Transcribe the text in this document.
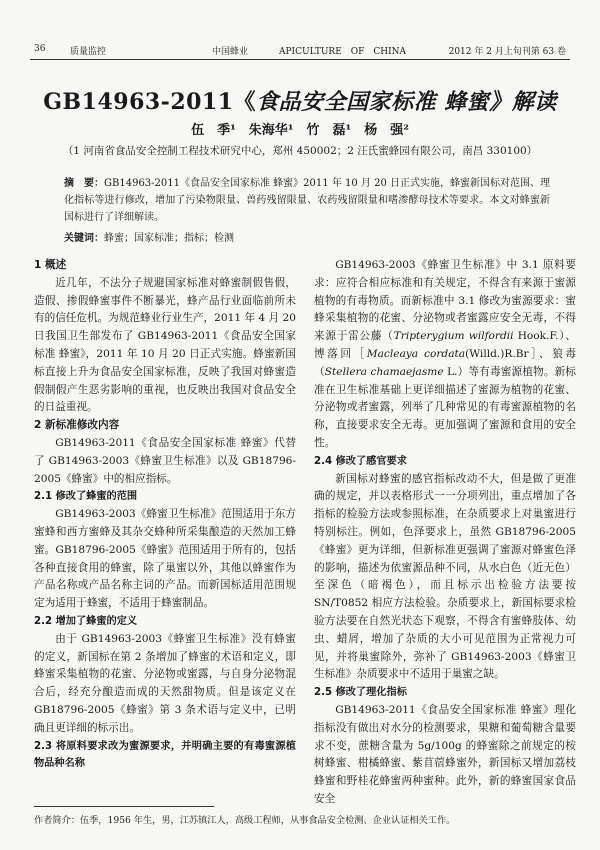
36	质量监控	中国蜂业	APICULTURE　OF　CHINA	2012 年 2 月上旬刊第 63 卷
GB14963-2011《食品安全国家标准 蜂蜜》解读
伍　季¹　朱海华¹　竹　磊¹　杨　强²
（1 河南省食品安全控制工程技术研究中心，郑州 450002；2 汪氏蜜蜂园有限公司，南昌 330100）
摘　要：GB14963-2011《食品安全国家标准 蜂蜜》2011 年 10 月 20 日正式实施，蜂蜜新国标对范围、理化指标等进行修改，增加了污染物限量、兽药残留限量、农药残留限量和嗜渗酵母技术等要求。本文对蜂蜜新国标进行了详细解读。
关键词：蜂蜜；国家标准；指标；检测
1 概述

近几年，不法分子规避国家标准对蜂蜜制假售假，造假、掺假蜂蜜事件不断暴光，蜂产品行业面临前所未有的信任危机。为规范蜂业行业生产，2011 年 4 月 20 日我国卫生部发布了 GB14963-2011《食品安全国家标准 蜂蜜》，2011 年 10 月 20 日正式实施。蜂蜜新国标直接上升为食品安全国家标准，反映了我国对蜂蜜造假制假产生恶劣影响的重视，也反映出我国对食品安全的日益重视。

2 新标准修改内容

GB14963-2011《食品安全国家标准 蜂蜜》代替了 GB14963-2003《蜂蜜卫生标准》以及 GB18796-2005《蜂蜜》中的相应指标。

2.1 修改了蜂蜜的范围

GB14963-2003《蜂蜜卫生标准》范围适用于东方蜜蜂和西方蜜蜂及其杂交蜂种所采集酿造的天然加工蜂蜜。GB18796-2005《蜂蜜》范围适用于所有的，包括各种直接食用的蜂蜜，除了巢蜜以外，其他以蜂蜜作为产品名称或产品名称主词的产品。而新国标适用范围规定为适用于蜂蜜，不适用于蜂蜜制品。

2.2 增加了蜂蜜的定义

由于 GB14963-2003《蜂蜜卫生标准》没有蜂蜜的定义，新国标在第 2 条增加了蜂蜜的术语和定义，即蜂蜜采集植物的花蜜、分泌物或蜜露，与自身分泌物混合后，经充分酿造而成的天然甜物质。但是该定义在 GB18796-2005《蜂蜜》第 3 条术语与定义中，已明确且更详细的标示出。

2.3 将原料要求改为蜜源要求，并明确主要的有毒蜜源植物品种名称

GB14963-2003《蜂蜜卫生标准》中 3.1 原料要求：应符合相应标准和有关规定，不得含有来源于蜜源植物的有毒物质。而新标准中 3.1 修改为蜜源要求：蜜蜂采集植物的花蜜、分泌物或者蜜露应安全无毒，不得来源于雷公藤（Tripterygium wilfordii Hook.F.）、博落回［Macleaya cordata(Willd.)R.Br］、狼毒（Stellera chamaejasme L.）等有毒蜜源植物。新标准在卫生标准基础上更详细描述了蜜源为植物的花蜜、分泌物或者蜜露，列举了几种常见的有毒蜜源植物的名称，直接要求安全无毒。更加强调了蜜源和食用的安全性。

2.4 修改了感官要求

新国标对蜂蜜的感官指标改动不大，但是做了更准确的规定，并以表格形式一一分项列出，重点增加了各指标的检验方法或参照标准，在杂质要求上对巢蜜进行特别标注。例如，色泽要求上，虽然 GB18796-2005《蜂蜜》更为详细，但新标准更强调了蜜源对蜂蜜色泽的影响，描述为依蜜源品种不同，从水白色（近无色）至深色（暗褐色），而且标示出检验方法要按 SN/T0852 相应方法检验。杂质要求上，新国标要求检验方法要在自然光状态下观察，不得含有蜜蜂肢体、幼虫、蜡屑，增加了杂质的大小可见范围为正常视力可见，并将巢蜜除外，弥补了 GB14963-2003《蜂蜜卫生标准》杂质要求中不适用于巢蜜之缺。

2.5 修改了理化指标

GB14963-2011《食品安全国家标准 蜂蜜》理化指标没有做出对水分的检测要求，果糖和葡萄糖含量要求不变，蔗糖含量为 5g/100g 的蜂蜜除之前规定的桉树蜂蜜、柑橘蜂蜜、紫苜蓿蜂蜜外，新国标又增加荔枝蜂蜜和野桂花蜂蜜两种蜜种。此外，新的蜂蜜国家食品安全

作者简介：伍季，1956 年生，男，江苏镇江人，高级工程师，从事食品安全检测、企业认证相关工作。
